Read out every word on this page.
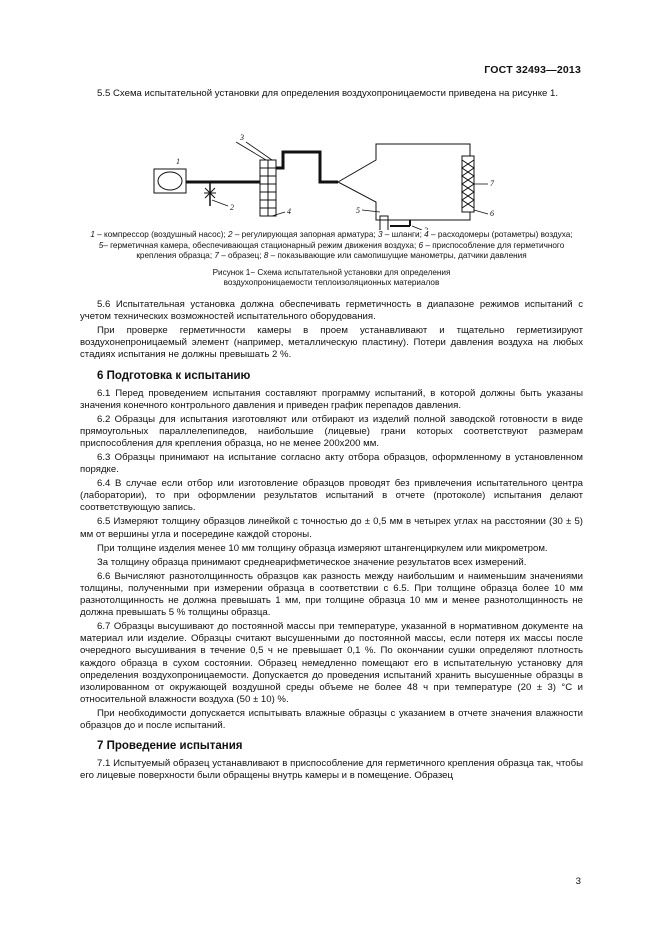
ГОСТ 32493—2013

5.5 Схема испытательной установки для определения воздухопроницаемости приведена на рисунке 1.

1
2
3
4	5	6
7

1 – компрессор (воздушный насос); 2 – регулирующая запорная арматура; 3 – шланги; 4 – расходомеры (ротаметры) воздуха; 5– герметичная камера, обеспечивающая стационарный режим движения воздуха; 6 – приспособление для герметичного крепления образца; 7 – образец; 8 – показывающие или самопишущие манометры, датчики давления

Рисунок 1− Схема испытательной установки для определения
воздухопроницаемости теплоизоляционных материалов

5.6 Испытательная установка должна обеспечивать герметичность в диапазоне режимов испытаний с учетом технических возможностей испытательного оборудования.

При проверке герметичности камеры в проем устанавливают и тщательно герметизируют воздухонепроницаемый элемент (например, металлическую пластину). Потери давления воздуха на любых стадиях испытания не должны превышать 2 %.

6 Подготовка к испытанию

6.1 Перед проведением испытания составляют программу испытаний, в которой должны быть указаны значения конечного контрольного давления и приведен график перепадов давления.

6.2 Образцы для испытания изготовляют или отбирают из изделий полной заводской готовности в виде прямоугольных параллелепипедов, наибольшие (лицевые) грани которых соответствуют размерам приспособления для крепления образца, но не менее 200х200 мм.

6.3 Образцы принимают на испытание согласно акту отбора образцов, оформленному в установленном порядке.

6.4 В случае если отбор или изготовление образцов проводят без привлечения испытательного центра (лаборатории), то при оформлении результатов испытаний в отчете (протоколе) испытания делают соответствующую запись.

6.5 Измеряют толщину образцов линейкой с точностью до ± 0,5 мм в четырех углах на расстоянии (30 ± 5) мм от вершины угла и посередине каждой стороны.

При толщине изделия менее 10 мм толщину образца измеряют штангенциркулем или микрометром.

За толщину образца принимают среднеарифметическое значение результатов всех измерений.

6.6 Вычисляют разнотолщинность образцов как разность между наибольшим и наименьшим значениями толщины, полученными при измерении образца в соответствии с 6.5. При толщине образца более 10 мм разнотолщинность не должна превышать 1 мм, при толщине образца 10 мм и менее разнотолщинность не должна превышать 5 % толщины образца.

6.7 Образцы высушивают до постоянной массы при температуре, указанной в нормативном документе на материал или изделие. Образцы считают высушенными до постоянной массы, если потеря их массы после очередного высушивания в течение 0,5 ч не превышает 0,1 %. По окончании сушки определяют плотность каждого образца в сухом состоянии. Образец немедленно помещают его в испытательную установку для определения воздухопроницаемости. Допускается до проведения испытаний хранить высушенные образцы в изолированном от окружающей воздушной среды объеме не более 48 ч при температуре (20 ± 3) °С и относительной влажности воздуха (50 ± 10) %.

При необходимости допускается испытывать влажные образцы с указанием в отчете значения влажности образцов до и после испытаний.

7 Проведение испытания

7.1 Испытуемый образец устанавливают в приспособление для герметичного крепления образца так, чтобы его лицевые поверхности были обращены внутрь камеры и в помещение. Образец

3
